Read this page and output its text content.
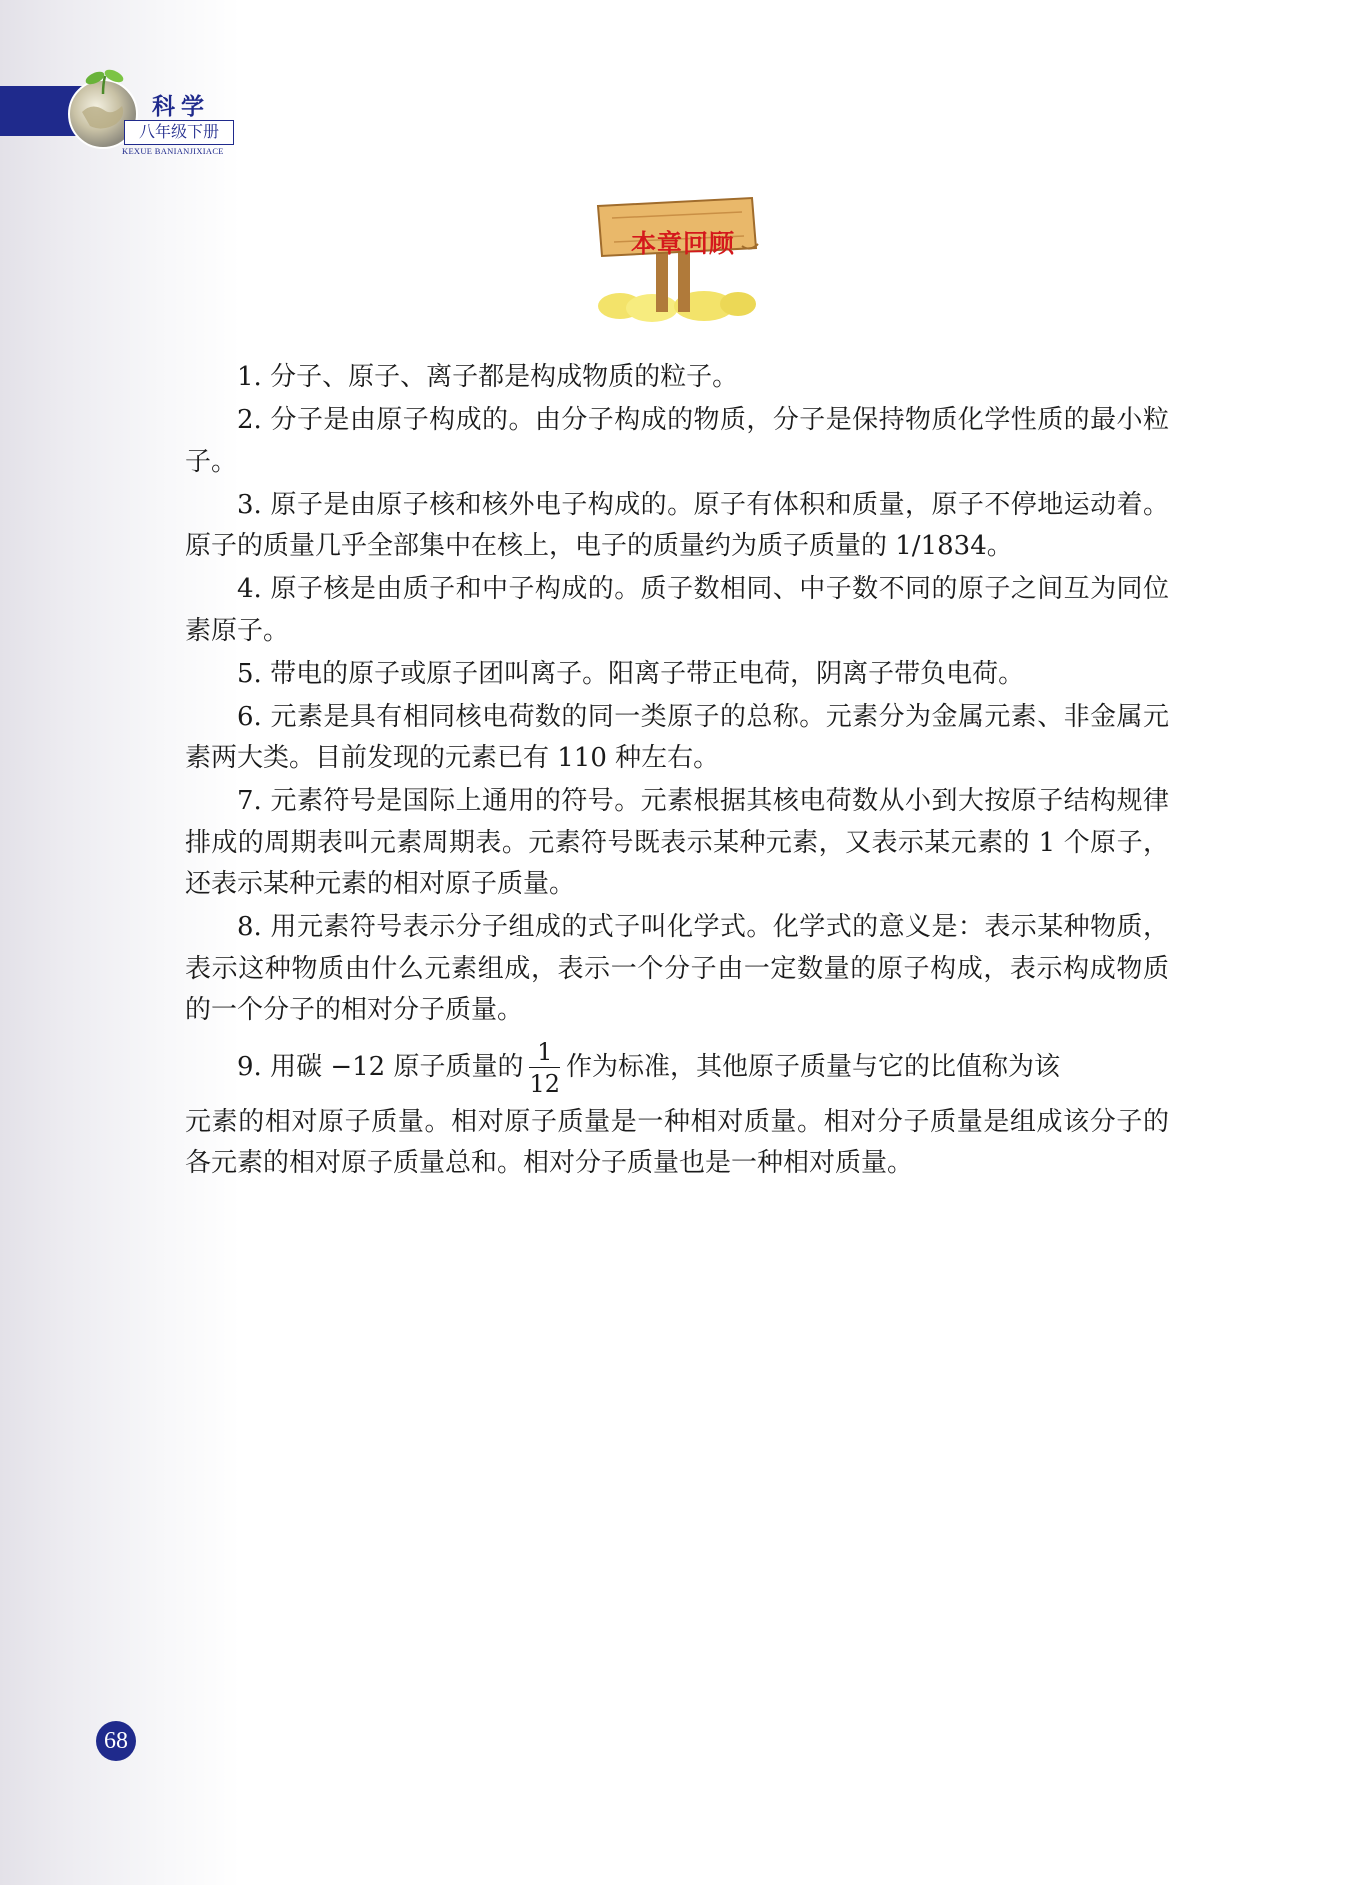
科学
八年级下册
KEXUE BANIANJIXIACE
本章回顾

1. 分子、原子、离子都是构成物质的粒子。

2. 分子是由原子构成的。由分子构成的物质，分子是保持物质化学性质的最小粒子。

3. 原子是由原子核和核外电子构成的。原子有体积和质量，原子不停地运动着。原子的质量几乎全部集中在核上，电子的质量约为质子质量的 1/1834。

4. 原子核是由质子和中子构成的。质子数相同、中子数不同的原子之间互为同位素原子。

5. 带电的原子或原子团叫离子。阳离子带正电荷，阴离子带负电荷。

6. 元素是具有相同核电荷数的同一类原子的总称。元素分为金属元素、非金属元素两大类。目前发现的元素已有 110 种左右。

7. 元素符号是国际上通用的符号。元素根据其核电荷数从小到大按原子结构规律排成的周期表叫元素周期表。元素符号既表示某种元素，又表示某元素的 1 个原子，还表示某种元素的相对原子质量。

8. 用元素符号表示分子组成的式子叫化学式。化学式的意义是：表示某种物质，表示这种物质由什么元素组成，表示一个分子由一定数量的原子构成，表示构成物质的一个分子的相对分子质量。

9. 用碳 −12 原子质量的 $\frac{1}{12}$ 作为标准，其他原子质量与它的比值称为该
元素的相对原子质量。相对原子质量是一种相对质量。相对分子质量是组成该分子的各元素的相对原子质量总和。相对分子质量也是一种相对质量。

68
